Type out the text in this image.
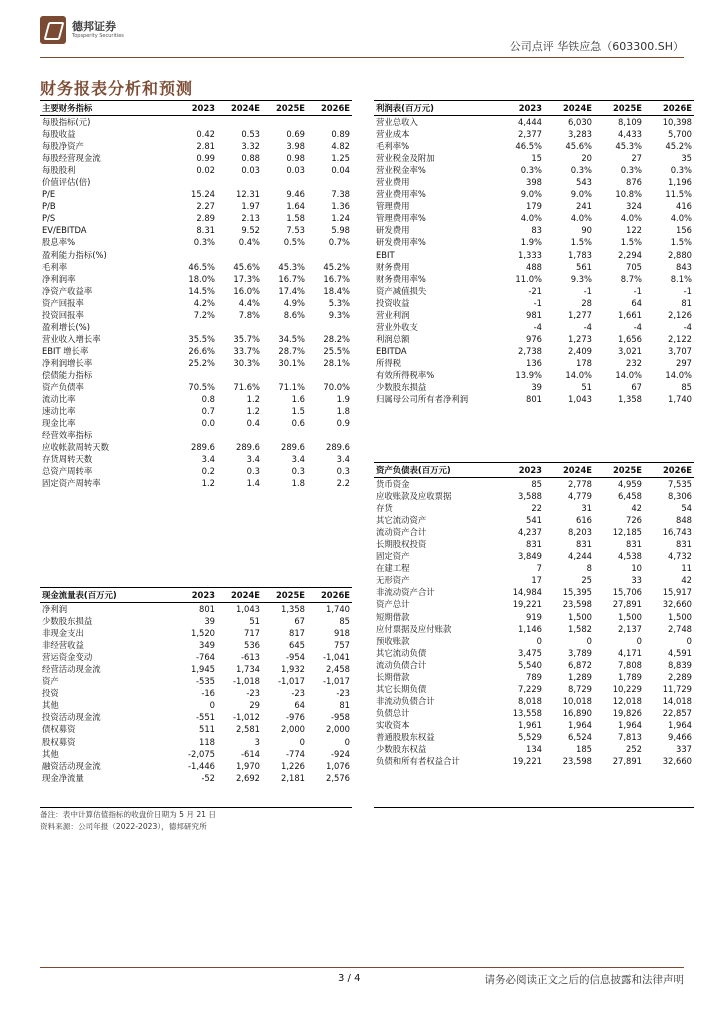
德邦证券
Topsperity Securities
公司点评 华铁应急（603300.SH）
财务报表分析和预测
主要财务指标	2023	2024E	2025E	2026E
每股指标(元)				
每股收益	0.42	0.53	0.69	0.89
每股净资产	2.81	3.32	3.98	4.82
每股经营现金流	0.99	0.88	0.98	1.25
每股股利	0.02	0.03	0.03	0.04
价值评估(倍)				
P/E	15.24	12.31	9.46	7.38
P/B	2.27	1.97	1.64	1.36
P/S	2.89	2.13	1.58	1.24
EV/EBITDA	8.31	9.52	7.53	5.98
股息率%	0.3%	0.4%	0.5%	0.7%
盈利能力指标(%)				
毛利率	46.5%	45.6%	45.3%	45.2%
净利润率	18.0%	17.3%	16.7%	16.7%
净资产收益率	14.5%	16.0%	17.4%	18.4%
资产回报率	4.2%	4.4%	4.9%	5.3%
投资回报率	7.2%	7.8%	8.6%	9.3%
盈利增长(%)				
营业收入增长率	35.5%	35.7%	34.5%	28.2%
EBIT 增长率	26.6%	33.7%	28.7%	25.5%
净利润增长率	25.2%	30.3%	30.1%	28.1%
偿债能力指标				
资产负债率	70.5%	71.6%	71.1%	70.0%
流动比率	0.8	1.2	1.6	1.9
速动比率	0.7	1.2	1.5	1.8
现金比率	0.0	0.4	0.6	0.9
经营效率指标				
应收帐款周转天数	289.6	289.6	289.6	289.6
存货周转天数	3.4	3.4	3.4	3.4
总资产周转率	0.2	0.3	0.3	0.3
固定资产周转率	1.2	1.4	1.8	2.2
现金流量表(百万元)	2023	2024E	2025E	2026E
净利润	801	1,043	1,358	1,740
少数股东损益	39	51	67	85
非现金支出	1,520	717	817	918
非经营收益	349	536	645	757
营运资金变动	-764	-613	-954	-1,041
经营活动现金流	1,945	1,734	1,932	2,458
资产	-535	-1,018	-1,017	-1,017
投资	-16	-23	-23	-23
其他	0	29	64	81
投资活动现金流	-551	-1,012	-976	-958
债权募资	511	2,581	2,000	2,000
股权募资	118	3	0	0
其他	-2,075	-614	-774	-924
融资活动现金流	-1,446	1,970	1,226	1,076
现金净流量	-52	2,692	2,181	2,576
利润表(百万元)	2023	2024E	2025E	2026E
营业总收入	4,444	6,030	8,109	10,398
营业成本	2,377	3,283	4,433	5,700
毛利率%	46.5%	45.6%	45.3%	45.2%
营业税金及附加	15	20	27	35
营业税金率%	0.3%	0.3%	0.3%	0.3%
营业费用	398	543	876	1,196
营业费用率%	9.0%	9.0%	10.8%	11.5%
管理费用	179	241	324	416
管理费用率%	4.0%	4.0%	4.0%	4.0%
研发费用	83	90	122	156
研发费用率%	1.9%	1.5%	1.5%	1.5%
EBIT	1,333	1,783	2,294	2,880
财务费用	488	561	705	843
财务费用率%	11.0%	9.3%	8.7%	8.1%
资产减值损失	-21	-1	-1	-1
投资收益	-1	28	64	81
营业利润	981	1,277	1,661	2,126
营业外收支	-4	-4	-4	-4
利润总额	976	1,273	1,656	2,122
EBITDA	2,738	2,409	3,021	3,707
所得税	136	178	232	297
有效所得税率%	13.9%	14.0%	14.0%	14.0%
少数股东损益	39	51	67	85
归属母公司所有者净利润	801	1,043	1,358	1,740
资产负债表(百万元)	2023	2024E	2025E	2026E
货币资金	85	2,778	4,959	7,535
应收账款及应收票据	3,588	4,779	6,458	8,306
存货	22	31	42	54
其它流动资产	541	616	726	848
流动资产合计	4,237	8,203	12,185	16,743
长期股权投资	831	831	831	831
固定资产	3,849	4,244	4,538	4,732
在建工程	7	8	10	11
无形资产	17	25	33	42
非流动资产合计	14,984	15,395	15,706	15,917
资产总计	19,221	23,598	27,891	32,660
短期借款	919	1,500	1,500	1,500
应付票据及应付账款	1,146	1,582	2,137	2,748
预收账款	0	0	0	0
其它流动负债	3,475	3,789	4,171	4,591
流动负债合计	5,540	6,872	7,808	8,839
长期借款	789	1,289	1,789	2,289
其它长期负债	7,229	8,729	10,229	11,729
非流动负债合计	8,018	10,018	12,018	14,018
负债总计	13,558	16,890	19,826	22,857
实收资本	1,961	1,964	1,964	1,964
普通股股东权益	5,529	6,524	7,813	9,466
少数股东权益	134	185	252	337
负债和所有者权益合计	19,221	23,598	27,891	32,660
备注：表中计算估值指标的收盘价日期为 5 月 21 日
资料来源：公司年报（2022-2023），德邦研究所
3 / 4	请务必阅读正文之后的信息披露和法律声明
